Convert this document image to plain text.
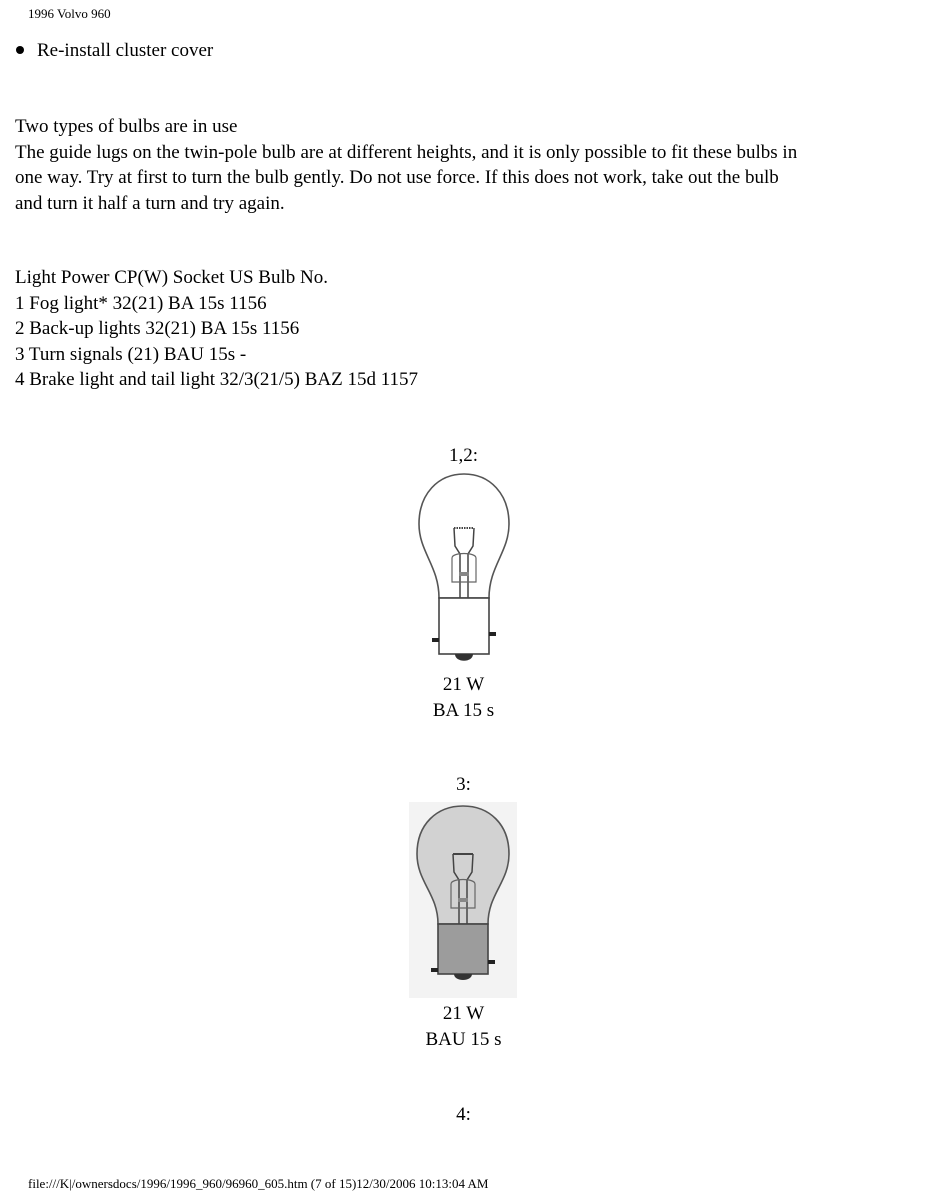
1996 Volvo 960
Re-install cluster cover
Two types of bulbs are in use
The guide lugs on the twin-pole bulb are at different heights, and it is only possible to fit these bulbs in
one way. Try at first to turn the bulb gently. Do not use force. If this does not work, take out the bulb
and turn it half a turn and try again.
Light Power CP(W) Socket US Bulb No.
1 Fog light* 32(21) BA 15s 1156
2 Back-up lights 32(21) BA 15s 1156
3 Turn signals (21) BAU 15s -
4 Brake light and tail light 32/3(21/5) BAZ 15d 1157
1,2:
21 W
BA 15 s
3:
21 W
BAU 15 s
4:
file:///K|/ownersdocs/1996/1996_960/96960_605.htm (7 of 15)12/30/2006 10:13:04 AM
